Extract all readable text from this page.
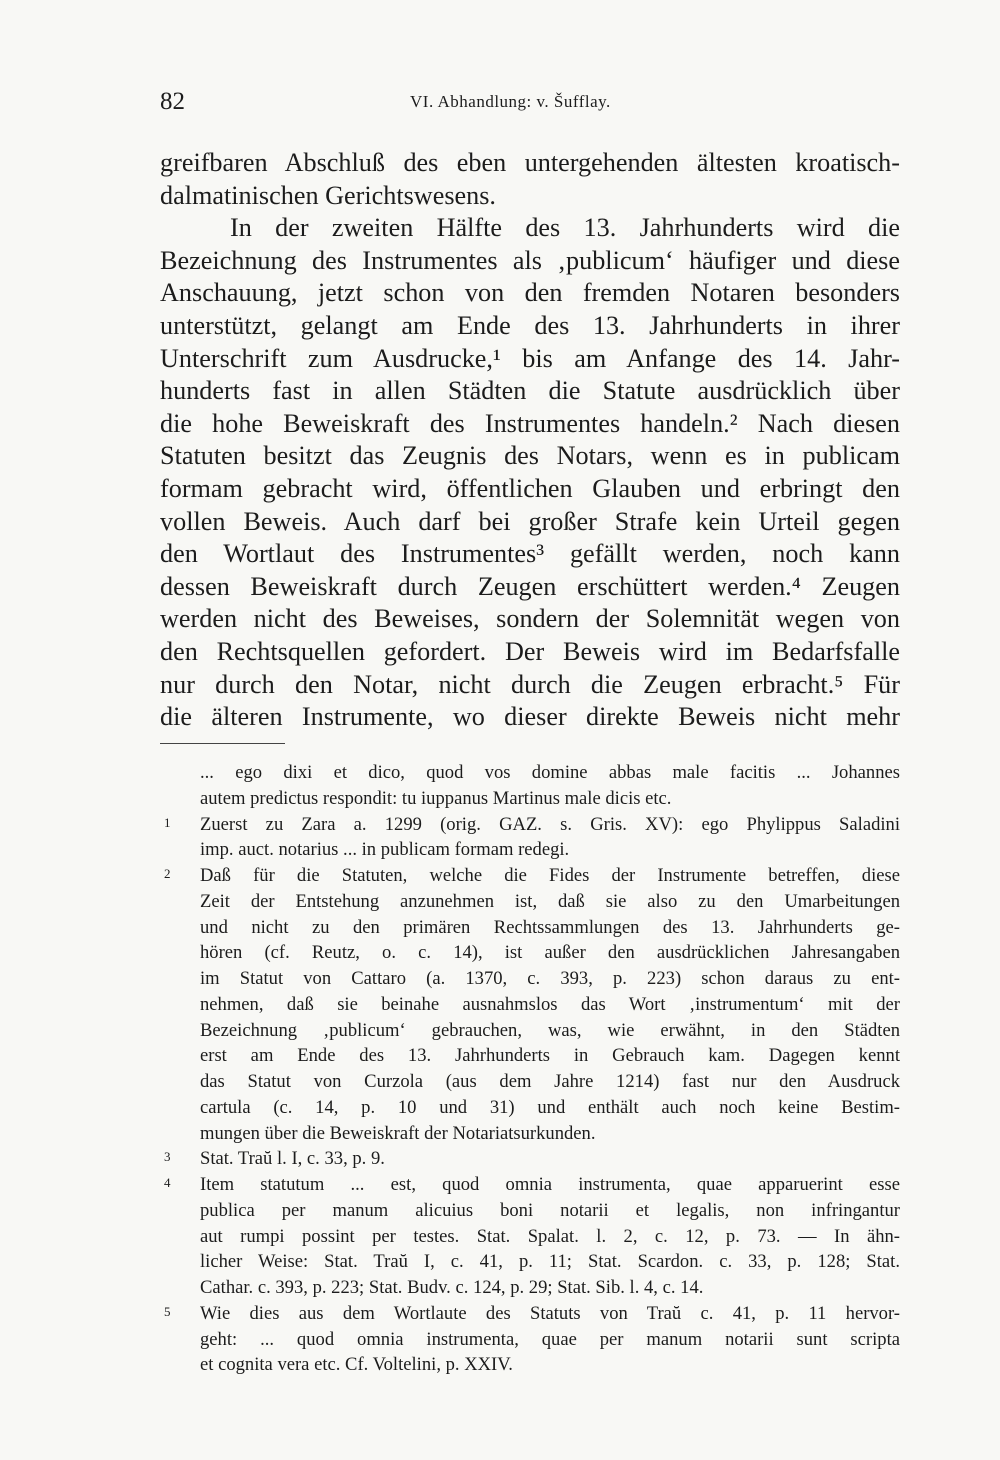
82	VI. Abhandlung: v. Šufflay.
greifbaren Abschluß des eben untergehenden ältesten kroatisch-
dalmatinischen Gerichtswesens.
In der zweiten Hälfte des 13. Jahrhunderts wird die
Bezeichnung des Instrumentes als ‚publicum‘ häufiger und diese
Anschauung, jetzt schon von den fremden Notaren besonders
unterstützt, gelangt am Ende des 13. Jahrhunderts in ihrer
Unterschrift zum Ausdrucke,¹ bis am Anfange des 14. Jahr-
hunderts fast in allen Städten die Statute ausdrücklich über
die hohe Beweiskraft des Instrumentes handeln.² Nach diesen
Statuten besitzt das Zeugnis des Notars, wenn es in publicam
formam gebracht wird, öffentlichen Glauben und erbringt den
vollen Beweis. Auch darf bei großer Strafe kein Urteil gegen
den Wortlaut des Instrumentes³ gefällt werden, noch kann
dessen Beweiskraft durch Zeugen erschüttert werden.⁴ Zeugen
werden nicht des Beweises, sondern der Solemnität wegen von
den Rechtsquellen gefordert. Der Beweis wird im Bedarfsfalle
nur durch den Notar, nicht durch die Zeugen erbracht.⁵ Für
die älteren Instrumente, wo dieser direkte Beweis nicht mehr
... ego dixi et dico, quod vos domine abbas male facitis ... Johannes
autem predictus respondit: tu iuppanus Martinus male dicis etc.
1 Zuerst zu Zara a. 1299 (orig. GAZ. s. Gris. XV): ego Phylippus Saladini
imp. auct. notarius ... in publicam formam redegi.
2 Daß für die Statuten, welche die Fides der Instrumente betreffen, diese
Zeit der Entstehung anzunehmen ist, daß sie also zu den Umarbeitungen
und nicht zu den primären Rechtssammlungen des 13. Jahrhunderts ge-
hören (cf. Reutz, o. c. 14), ist außer den ausdrücklichen Jahresangaben
im Statut von Cattaro (a. 1370, c. 393, p. 223) schon daraus zu ent-
nehmen, daß sie beinahe ausnahmslos das Wort ‚instrumentum‘ mit der
Bezeichnung ‚publicum‘ gebrauchen, was, wie erwähnt, in den Städten
erst am Ende des 13. Jahrhunderts in Gebrauch kam. Dagegen kennt
das Statut von Curzola (aus dem Jahre 1214) fast nur den Ausdruck
cartula (c. 14, p. 10 und 31) und enthält auch noch keine Bestim-
mungen über die Beweiskraft der Notariatsurkunden.
3 Stat. Traŭ l. I, c. 33, p. 9.
4 Item statutum ... est, quod omnia instrumenta, quae apparuerint esse
publica per manum alicuius boni notarii et legalis, non infringantur
aut rumpi possint per testes. Stat. Spalat. l. 2, c. 12, p. 73. — In ähn-
licher Weise: Stat. Traŭ I, c. 41, p. 11; Stat. Scardon. c. 33, p. 128; Stat.
Cathar. c. 393, p. 223; Stat. Budv. c. 124, p. 29; Stat. Sib. l. 4, c. 14.
5 Wie dies aus dem Wortlaute des Statuts von Traŭ c. 41, p. 11 hervor-
geht: ... quod omnia instrumenta, quae per manum notarii sunt scripta
et cognita vera etc. Cf. Voltelini, p. XXIV.
